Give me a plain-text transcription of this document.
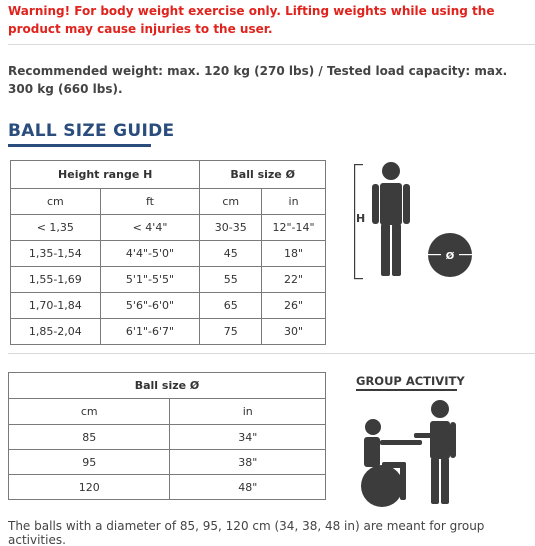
Warning! For body weight exercise only. Lifting weights while using the product may cause injuries to the user.
Recommended weight: max. 120 kg (270 lbs) / Tested load capacity: max. 300 kg (660 lbs).
BALL SIZE GUIDE
Height range H		Ball size Ø	
cm	ft	cm	in
< 1,35	< 4'4"	30-35	12"-14"
1,35-1,54	4'4"-5'0"	45	18"
1,55-1,69	5'1"-5'5"	55	22"
1,70-1,84	5'6"-6'0"	65	26"
1,85-2,04	6'1"-6'7"	75	30"
H
Ø
Ball size Ø	
cm	in
85	34"
95	38"
120	48"
GROUP ACTIVITY
The balls with a diameter of 85, 95, 120 cm (34, 38, 48 in) are meant for group activities.
